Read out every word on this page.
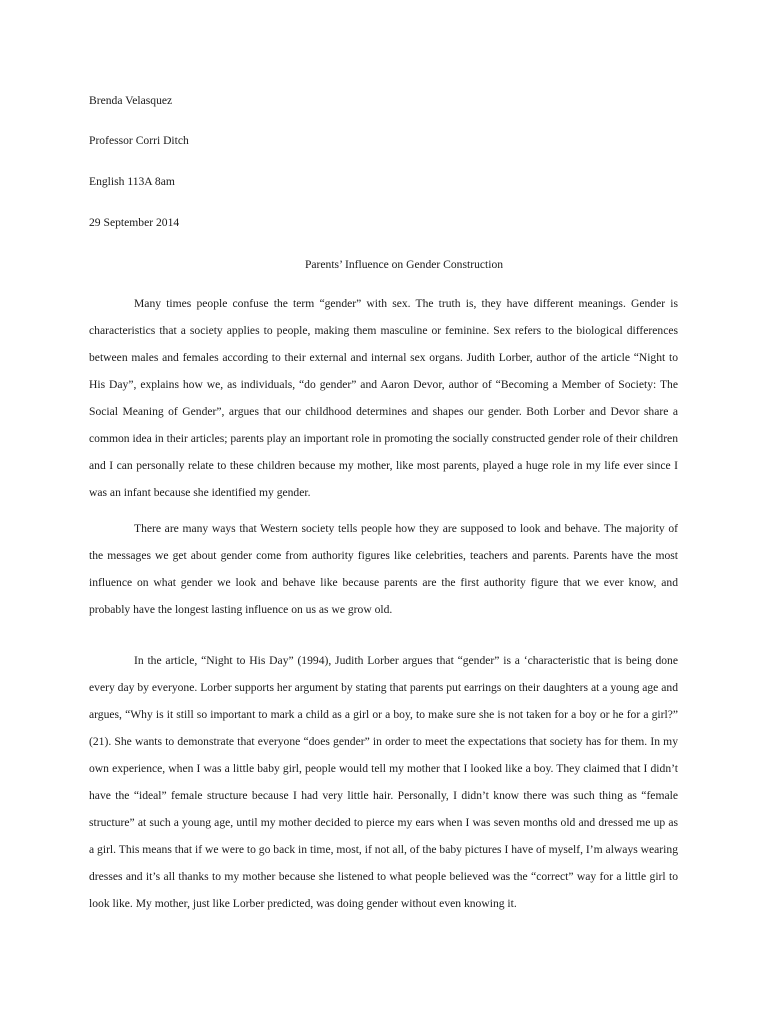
Brenda Velasquez
Professor Corri Ditch
English 113A 8am
29 September 2014
Parents’ Influence on Gender Construction

Many times people confuse the term “gender” with sex. The truth is, they have different meanings. Gender is characteristics that a society applies to people, making them masculine or feminine. Sex refers to the biological differences between males and females according to their external and internal sex organs. Judith Lorber, author of the article “Night to His Day”, explains how we, as individuals, “do gender” and Aaron Devor, author of “Becoming a Member of Society: The Social Meaning of Gender”, argues that our childhood determines and shapes our gender. Both Lorber and Devor share a common idea in their articles; parents play an important role in promoting the socially constructed gender role of their children and I can personally relate to these children because my mother, like most parents, played a huge role in my life ever since I was an infant because she identified my gender.

There are many ways that Western society tells people how they are supposed to look and behave. The majority of the messages we get about gender come from authority figures like celebrities, teachers and parents. Parents have the most influence on what gender we look and behave like because parents are the first authority figure that we ever know, and probably have the longest lasting influence on us as we grow old.

In the article, “Night to His Day” (1994), Judith Lorber argues that “gender” is a ‘characteristic that is being done every day by everyone. Lorber supports her argument by stating that parents put earrings on their daughters at a young age and argues, “Why is it still so important to mark a child as a girl or a boy, to make sure she is not taken for a boy or he for a girl?” (21). She wants to demonstrate that everyone “does gender” in order to meet the expectations that society has for them. In my own experience, when I was a little baby girl, people would tell my mother that I looked like a boy. They claimed that I didn’t have the “ideal” female structure because I had very little hair. Personally, I didn’t know there was such thing as “female structure” at such a young age, until my mother decided to pierce my ears when I was seven months old and dressed me up as a girl. This means that if we were to go back in time, most, if not all, of the baby pictures I have of myself, I’m always wearing dresses and it’s all thanks to my mother because she listened to what people believed was the “correct” way for a little girl to look like. My mother, just like Lorber predicted, was doing gender without even knowing it.
